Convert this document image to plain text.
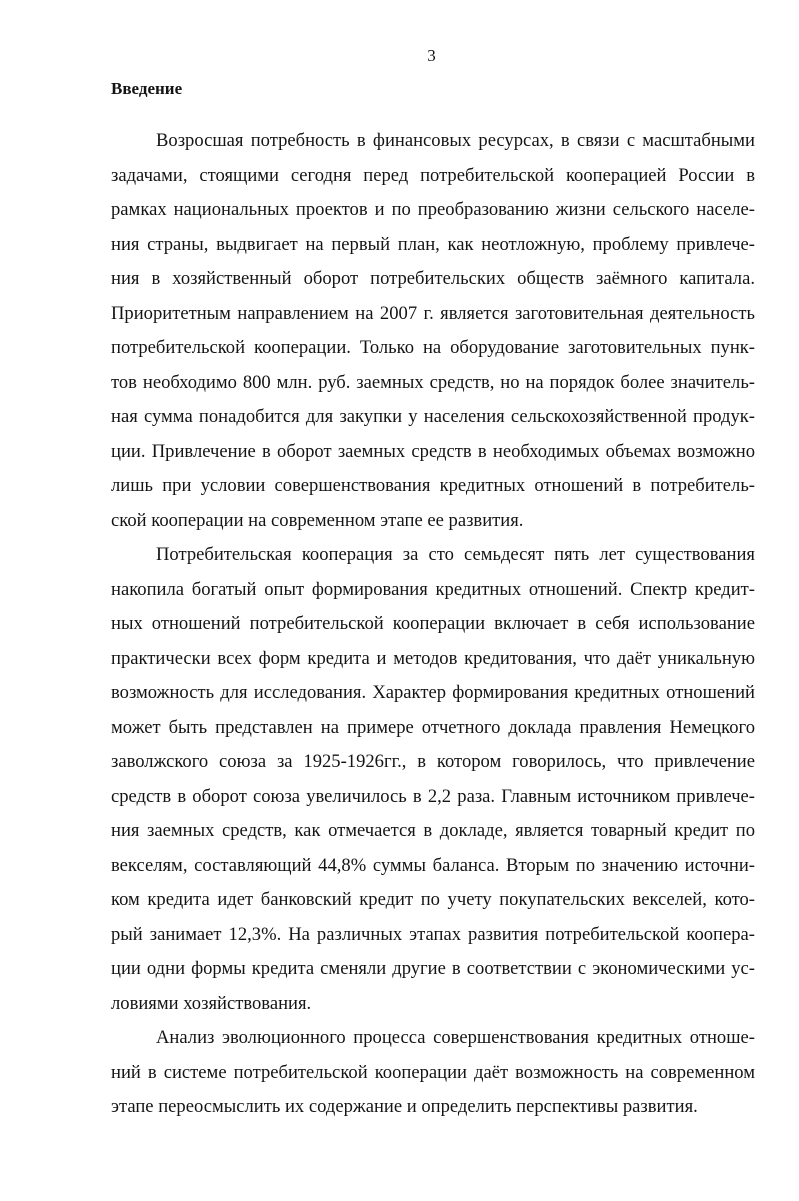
3
Введение
Возросшая потребность в финансовых ресурсах, в связи с масштабными
задачами, стоящими сегодня перед потребительской кооперацией России в
рамках национальных проектов и по преобразованию жизни сельского населе-
ния страны, выдвигает на первый план, как неотложную, проблему привлече-
ния в хозяйственный оборот потребительских обществ заёмного капитала.
Приоритетным направлением на 2007 г. является заготовительная деятельность
потребительской кооперации. Только на оборудование заготовительных пунк-
тов необходимо 800 млн. руб. заемных средств, но на порядок более значитель-
ная сумма понадобится для закупки у населения сельскохозяйственной продук-
ции. Привлечение в оборот заемных средств в необходимых объемах возможно
лишь при условии совершенствования кредитных отношений в потребитель-
ской кооперации на современном этапе ее развития.
Потребительская кооперация за сто семьдесят пять лет существования
накопила богатый опыт формирования кредитных отношений. Спектр кредит-
ных отношений потребительской кооперации включает в себя использование
практически всех форм кредита и методов кредитования, что даёт уникальную
возможность для исследования. Характер формирования кредитных отношений
может быть представлен на примере отчетного доклада правления Немецкого
заволжского союза за 1925-1926гг., в котором говорилось, что привлечение
средств в оборот союза увеличилось в 2,2 раза. Главным источником привлече-
ния заемных средств, как отмечается в докладе, является товарный кредит по
векселям, составляющий 44,8% суммы баланса. Вторым по значению источни-
ком кредита идет банковский кредит по учету покупательских векселей, кото-
рый занимает 12,3%. На различных этапах развития потребительской коопера-
ции одни формы кредита сменяли другие в соответствии с экономическими ус-
ловиями хозяйствования.
Анализ эволюционного процесса совершенствования кредитных отноше-
ний в системе потребительской кооперации даёт возможность на современном
этапе переосмыслить их содержание и определить перспективы развития.
